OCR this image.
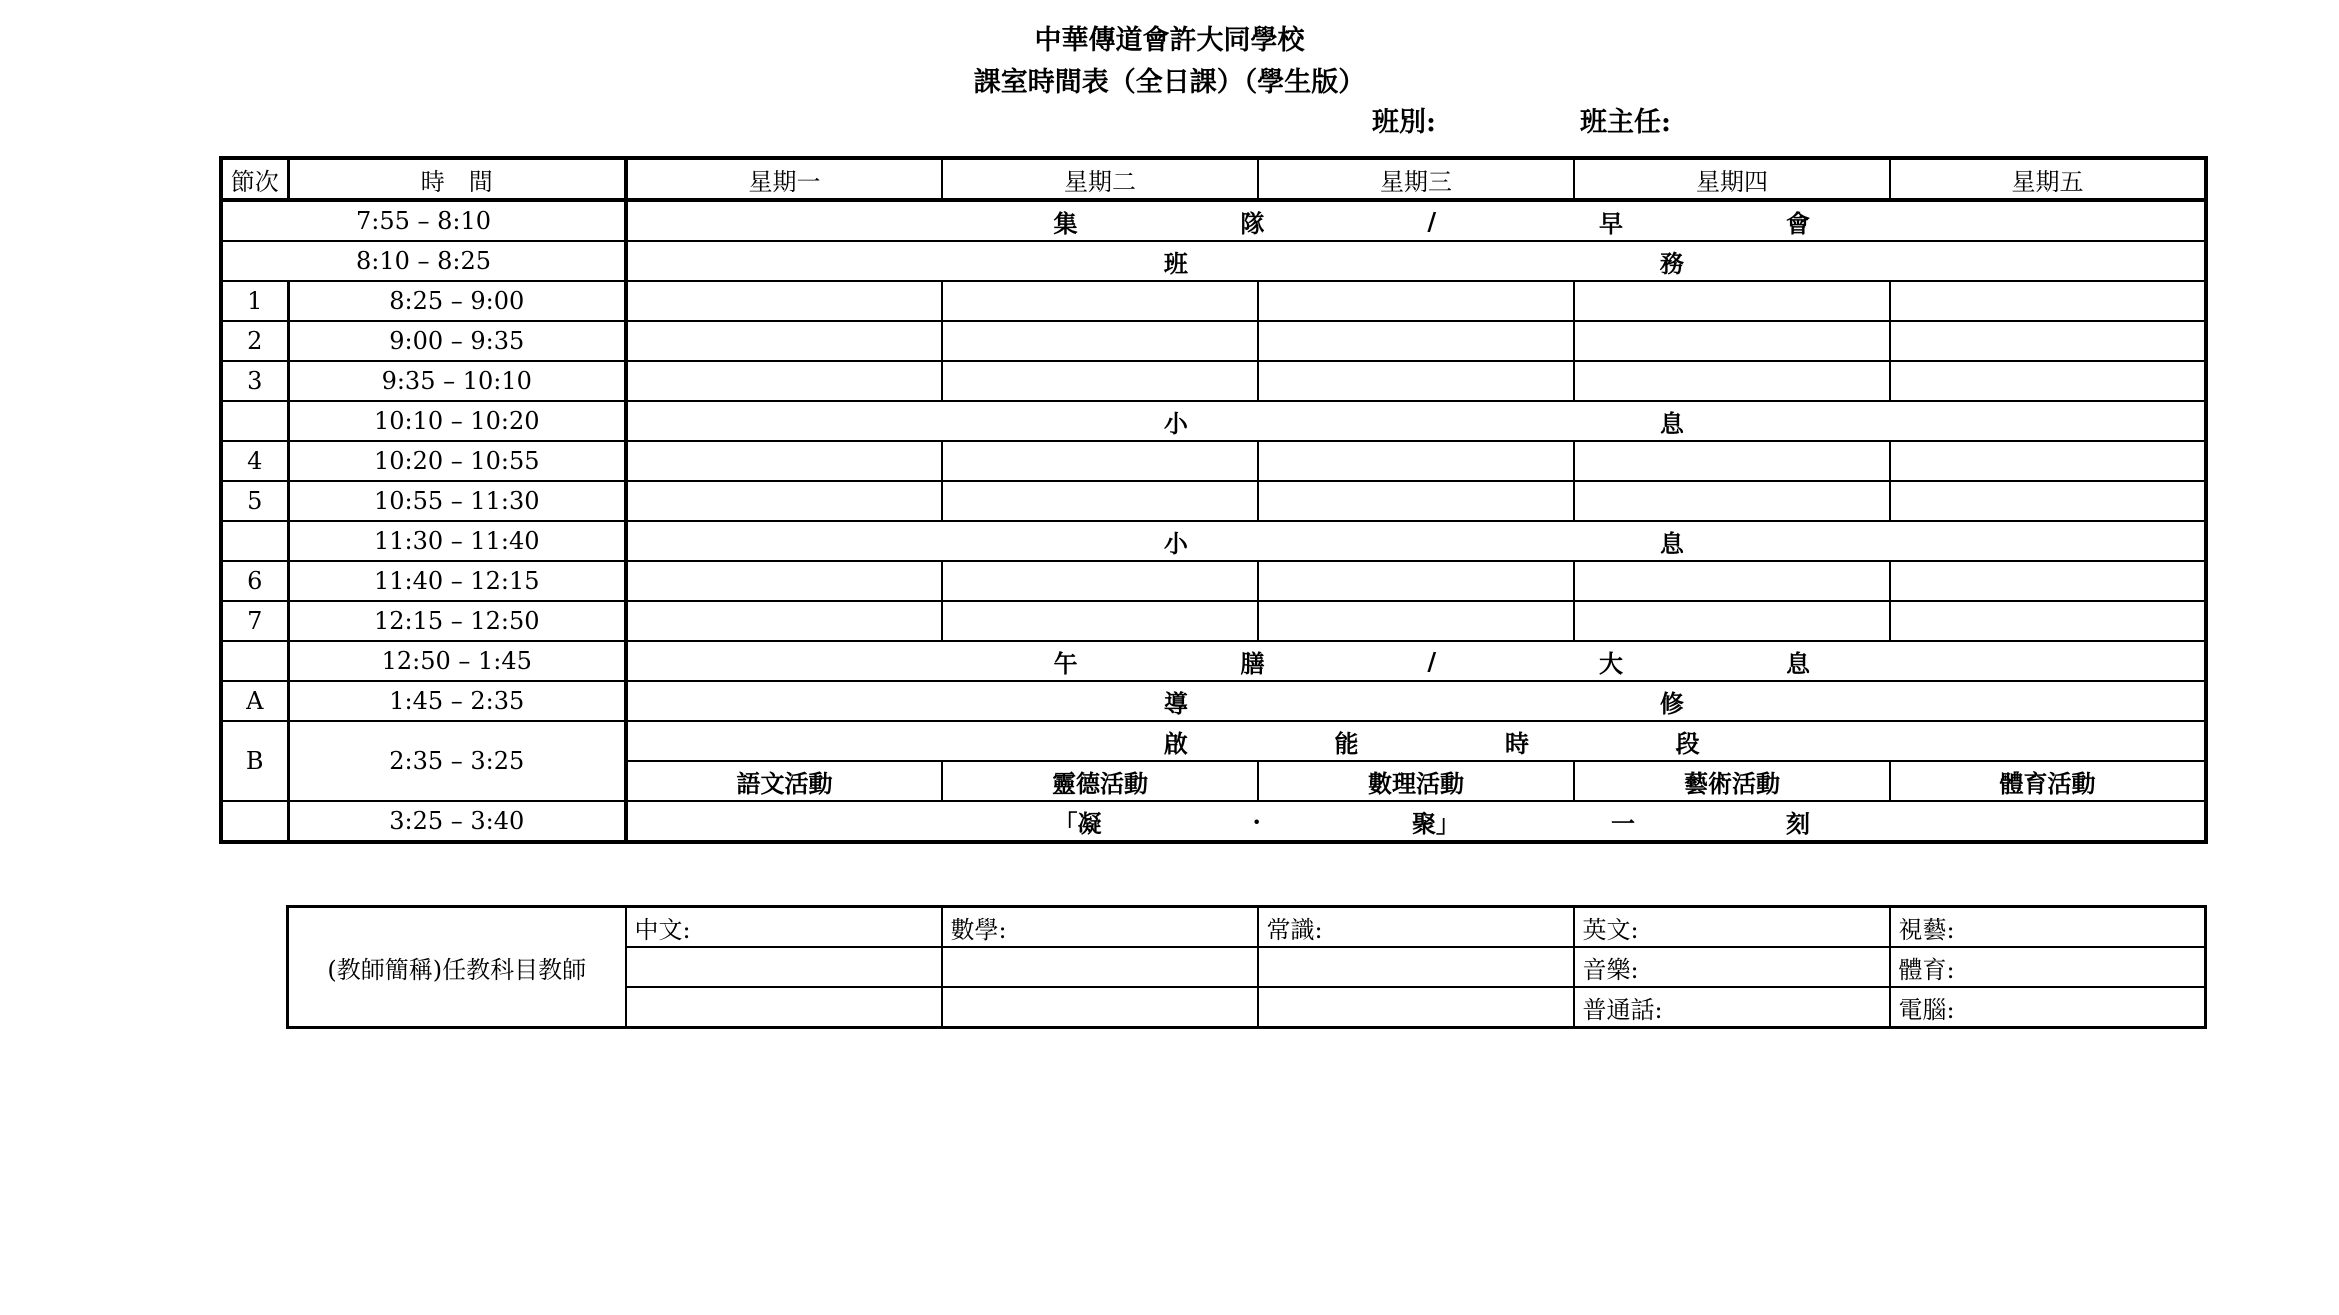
中華傳道會許大同學校
課室時間表（全日課）（學生版）
班別:	班主任:
節次	時　間	星期一	星期二	星期三	星期四	星期五
7:55 – 8:10		集 隊 / 早 會				

8:10 – 8:25		班 務				

1	8:25 – 9:00					
2	9:00 – 9:35					
3	9:35 – 10:10					
	10:10 – 10:20	小 息				

4	10:20 – 10:55					
5	10:55 – 11:30					
	11:30 – 11:40	小 息				

6	11:40 – 12:15					
7	12:15 – 12:50					
	12:50 – 1:45	午 膳 / 大 息				

A	1:45 – 2:35	導 修				

B	2:35 – 3:25	啟 能 時 段				

		語文活動	靈德活動	數理活動	藝術活動	體育活動
	3:25 – 3:40	「凝 · 聚」 一 刻				
(教師簡稱)任教科目教師	中文:	數學:	常識:	英文:	視藝:
				音樂:	體育:
				普通話:	電腦:
